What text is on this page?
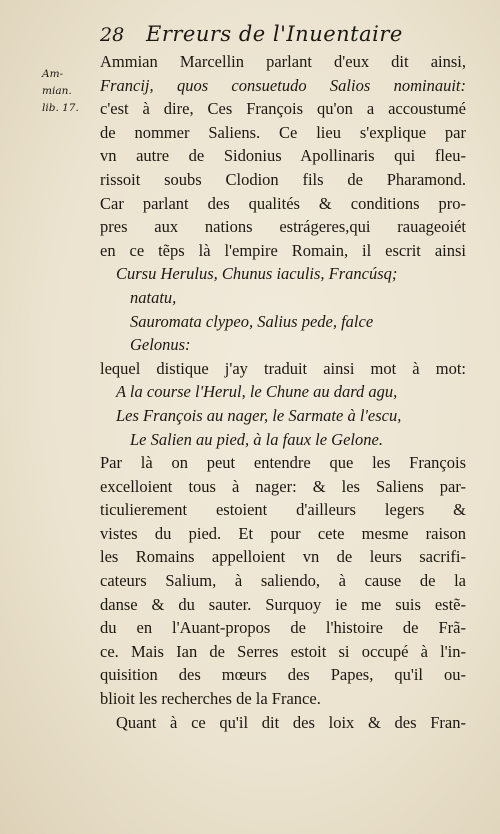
28 Erreurs de l'Inuentaire
Am-
mian.
lib. 17.
Ammian Marcellin parlant d'eux dit ainsi,
Francij, quos consuetudo Salios nominauit:
c'est à dire, Ces François qu'on a accoustumé
de nommer Saliens. Ce lieu s'explique par
vn autre de Sidonius Apollinaris qui fleu-
rissoit soubs Clodion fils de Pharamond.
Car parlant des qualités & conditions pro-
pres aux nations estrágeres,qui rauageoiét
en ce tẽps là l'empire Romain, il escrit ainsi
Cursu Herulus, Chunus iaculis, Francúsq;
natatu,
Sauromata clypeo, Salius pede, falce
Gelonus:
lequel distique j'ay traduit ainsi mot à mot:
A la course l'Herul, le Chune au dard agu,
Les François au nager, le Sarmate à l'escu,
Le Salien au pied, à la faux le Gelone.
Par là on peut entendre que les François
excelloient tous à nager: & les Saliens par-
ticulierement estoient d'ailleurs legers &
vistes du pied. Et pour cete mesme raison
les Romains appelloient vn de leurs sacrifi-
cateurs Salium, à saliendo, à cause de la
danse & du sauter. Surquoy ie me suis estẽ-
du en l'Auant-propos de l'histoire de Frã-
ce. Mais Ian de Serres estoit si occupé à l'in-
quisition des mœurs des Papes, qu'il ou-
blioit les recherches de la France.
Quant à ce qu'il dit des loix & des Fran-
